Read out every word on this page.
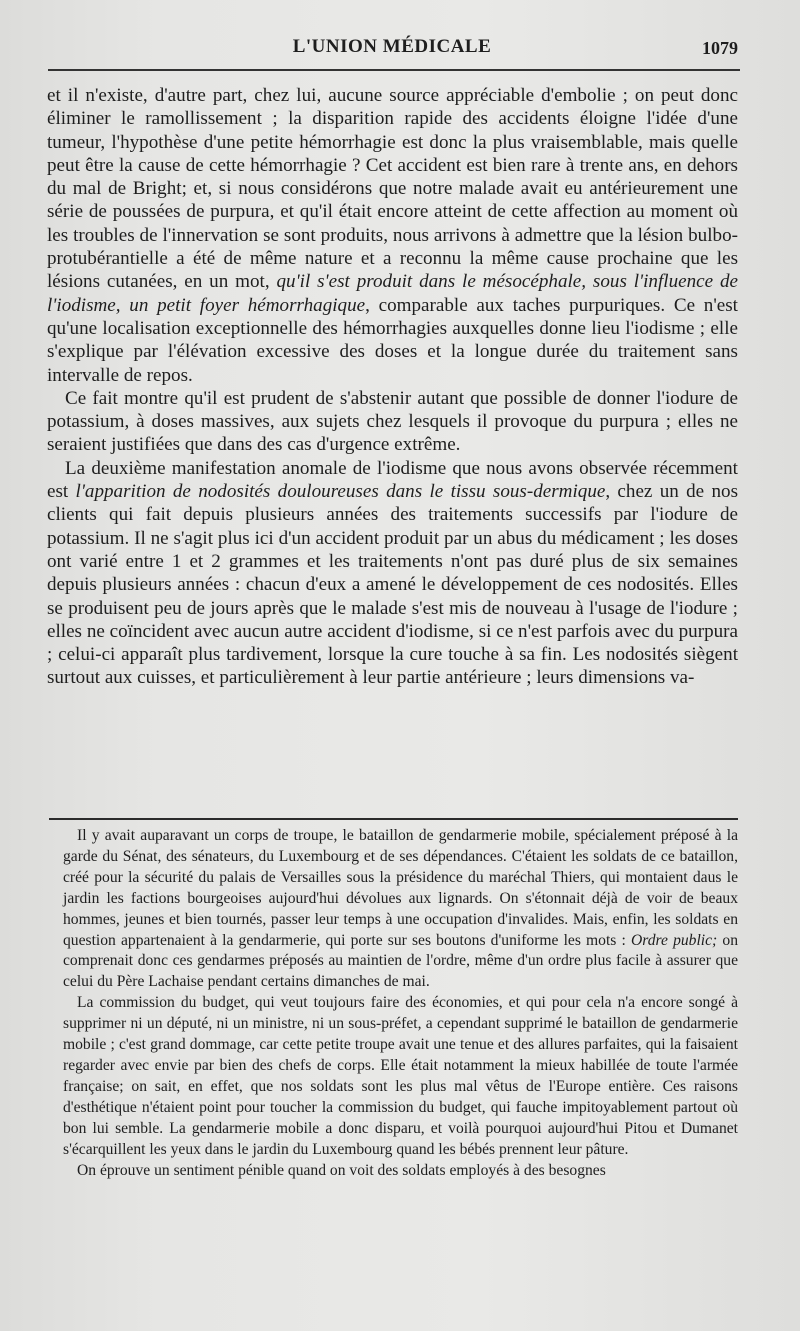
L'UNION MÉDICALE	1079

et il n'existe, d'autre part, chez lui, aucune source appréciable d'embolie ; on peut donc éliminer le ramollissement ; la disparition rapide des accidents éloigne l'idée d'une tumeur, l'hypothèse d'une petite hémorrhagie est donc la plus vraisemblable, mais quelle peut être la cause de cette hémorrhagie ? Cet accident est bien rare à trente ans, en dehors du mal de Bright; et, si nous considérons que notre malade avait eu antérieurement une série de poussées de purpura, et qu'il était encore atteint de cette affection au moment où les troubles de l'innervation se sont produits, nous arrivons à admettre que la lésion bulbo-protubérantielle a été de même nature et a reconnu la même cause prochaine que les lésions cutanées, en un mot, qu'il s'est produit dans le mésocéphale, sous l'influence de l'iodisme, un petit foyer hémorrhagique, comparable aux taches purpuriques. Ce n'est qu'une localisation exceptionnelle des hémorrhagies auxquelles donne lieu l'iodisme ; elle s'explique par l'élévation excessive des doses et la longue durée du traitement sans intervalle de repos.

Ce fait montre qu'il est prudent de s'abstenir autant que possible de donner l'iodure de potassium, à doses massives, aux sujets chez lesquels il provoque du purpura ; elles ne seraient justifiées que dans des cas d'urgence extrême.

La deuxième manifestation anomale de l'iodisme que nous avons observée récemment est l'apparition de nodosités douloureuses dans le tissu sous-dermique, chez un de nos clients qui fait depuis plusieurs années des traitements successifs par l'iodure de potassium. Il ne s'agit plus ici d'un accident produit par un abus du médicament ; les doses ont varié entre 1 et 2 grammes et les traitements n'ont pas duré plus de six semaines depuis plusieurs années : chacun d'eux a amené le développement de ces nodosités. Elles se produisent peu de jours après que le malade s'est mis de nouveau à l'usage de l'iodure ; elles ne coïncident avec aucun autre accident d'iodisme, si ce n'est parfois avec du purpura ; celui-ci apparaît plus tardivement, lorsque la cure touche à sa fin. Les nodosités siègent surtout aux cuisses, et particulièrement à leur partie antérieure ; leurs dimensions va-

Il y avait auparavant un corps de troupe, le bataillon de gendarmerie mobile, spécialement préposé à la garde du Sénat, des sénateurs, du Luxembourg et de ses dépendances. C'étaient les soldats de ce bataillon, créé pour la sécurité du palais de Versailles sous la présidence du maréchal Thiers, qui montaient daus le jardin les factions bourgeoises aujourd'hui dévolues aux lignards. On s'étonnait déjà de voir de beaux hommes, jeunes et bien tournés, passer leur temps à une occupation d'invalides. Mais, enfin, les soldats en question appartenaient à la gendarmerie, qui porte sur ses boutons d'uniforme les mots : Ordre public; on comprenait donc ces gendarmes préposés au maintien de l'ordre, même d'un ordre plus facile à assurer que celui du Père Lachaise pendant certains dimanches de mai.

La commission du budget, qui veut toujours faire des économies, et qui pour cela n'a encore songé à supprimer ni un député, ni un ministre, ni un sous-préfet, a cependant supprimé le bataillon de gendarmerie mobile ; c'est grand dommage, car cette petite troupe avait une tenue et des allures parfaites, qui la faisaient regarder avec envie par bien des chefs de corps. Elle était notamment la mieux habillée de toute l'armée française; on sait, en effet, que nos soldats sont les plus mal vêtus de l'Europe entière. Ces raisons d'esthétique n'étaient point pour toucher la commission du budget, qui fauche impitoyablement partout où bon lui semble. La gendarmerie mobile a donc disparu, et voilà pourquoi aujourd'hui Pitou et Dumanet s'écarquillent les yeux dans le jardin du Luxembourg quand les bébés prennent leur pâture.

On éprouve un sentiment pénible quand on voit des soldats employés à des besognes
